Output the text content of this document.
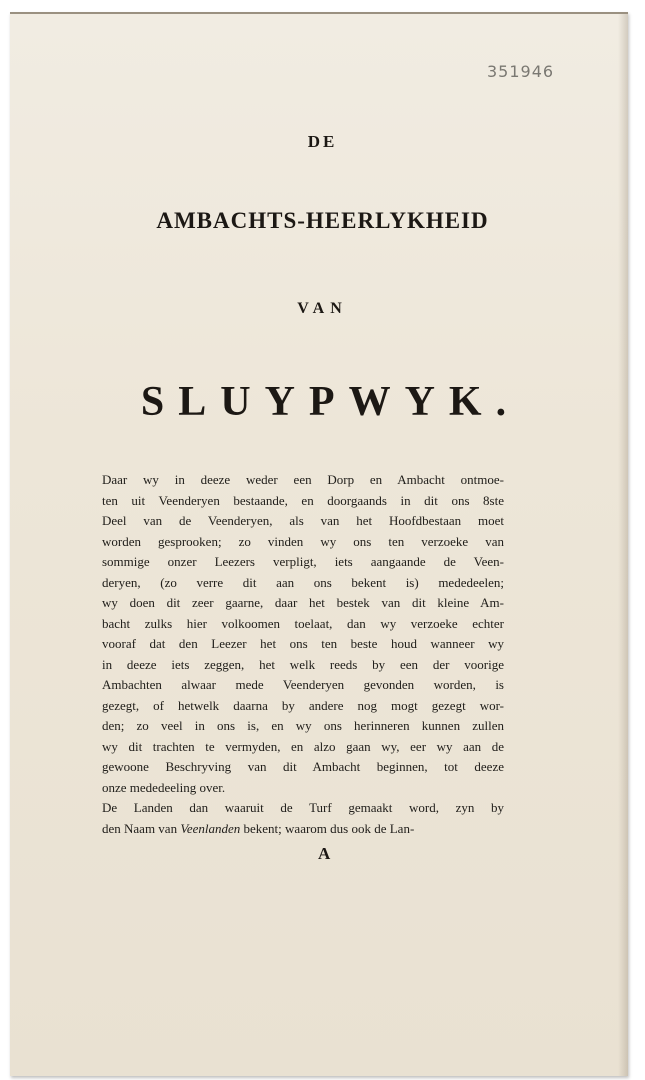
351946
DE
AMBACHTS-HEERLYKHEID
VAN
SLUYPWYK.
Daar wy in deeze weder een Dorp en Ambacht ontmoe-
ten uit Veenderyen bestaande, en doorgaands in dit ons 8ste
Deel van de Veenderyen, als van het Hoofdbestaan moet
worden gesprooken; zo vinden wy ons ten verzoeke van
sommige onzer Leezers verpligt, iets aangaande de Veen-
deryen, (zo verre dit aan ons bekent is) mededeelen;
wy doen dit zeer gaarne, daar het bestek van dit kleine Am-
bacht zulks hier volkoomen toelaat, dan wy verzoeke echter
vooraf dat den Leezer het ons ten beste houd wanneer wy
in deeze iets zeggen, het welk reeds by een der voorige
Ambachten alwaar mede Veenderyen gevonden worden, is
gezegt, of hetwelk daarna by andere nog mogt gezegt wor-
den; zo veel in ons is, en wy ons herinneren kunnen zullen
wy dit trachten te vermyden, en alzo gaan wy, eer wy aan de
gewoone Beschryving van dit Ambacht beginnen, tot deeze
onze mededeeling over.
De Landen dan waaruit de Turf gemaakt word, zyn by
den Naam van Veenlanden bekent; waarom dus ook de Lan-
A
